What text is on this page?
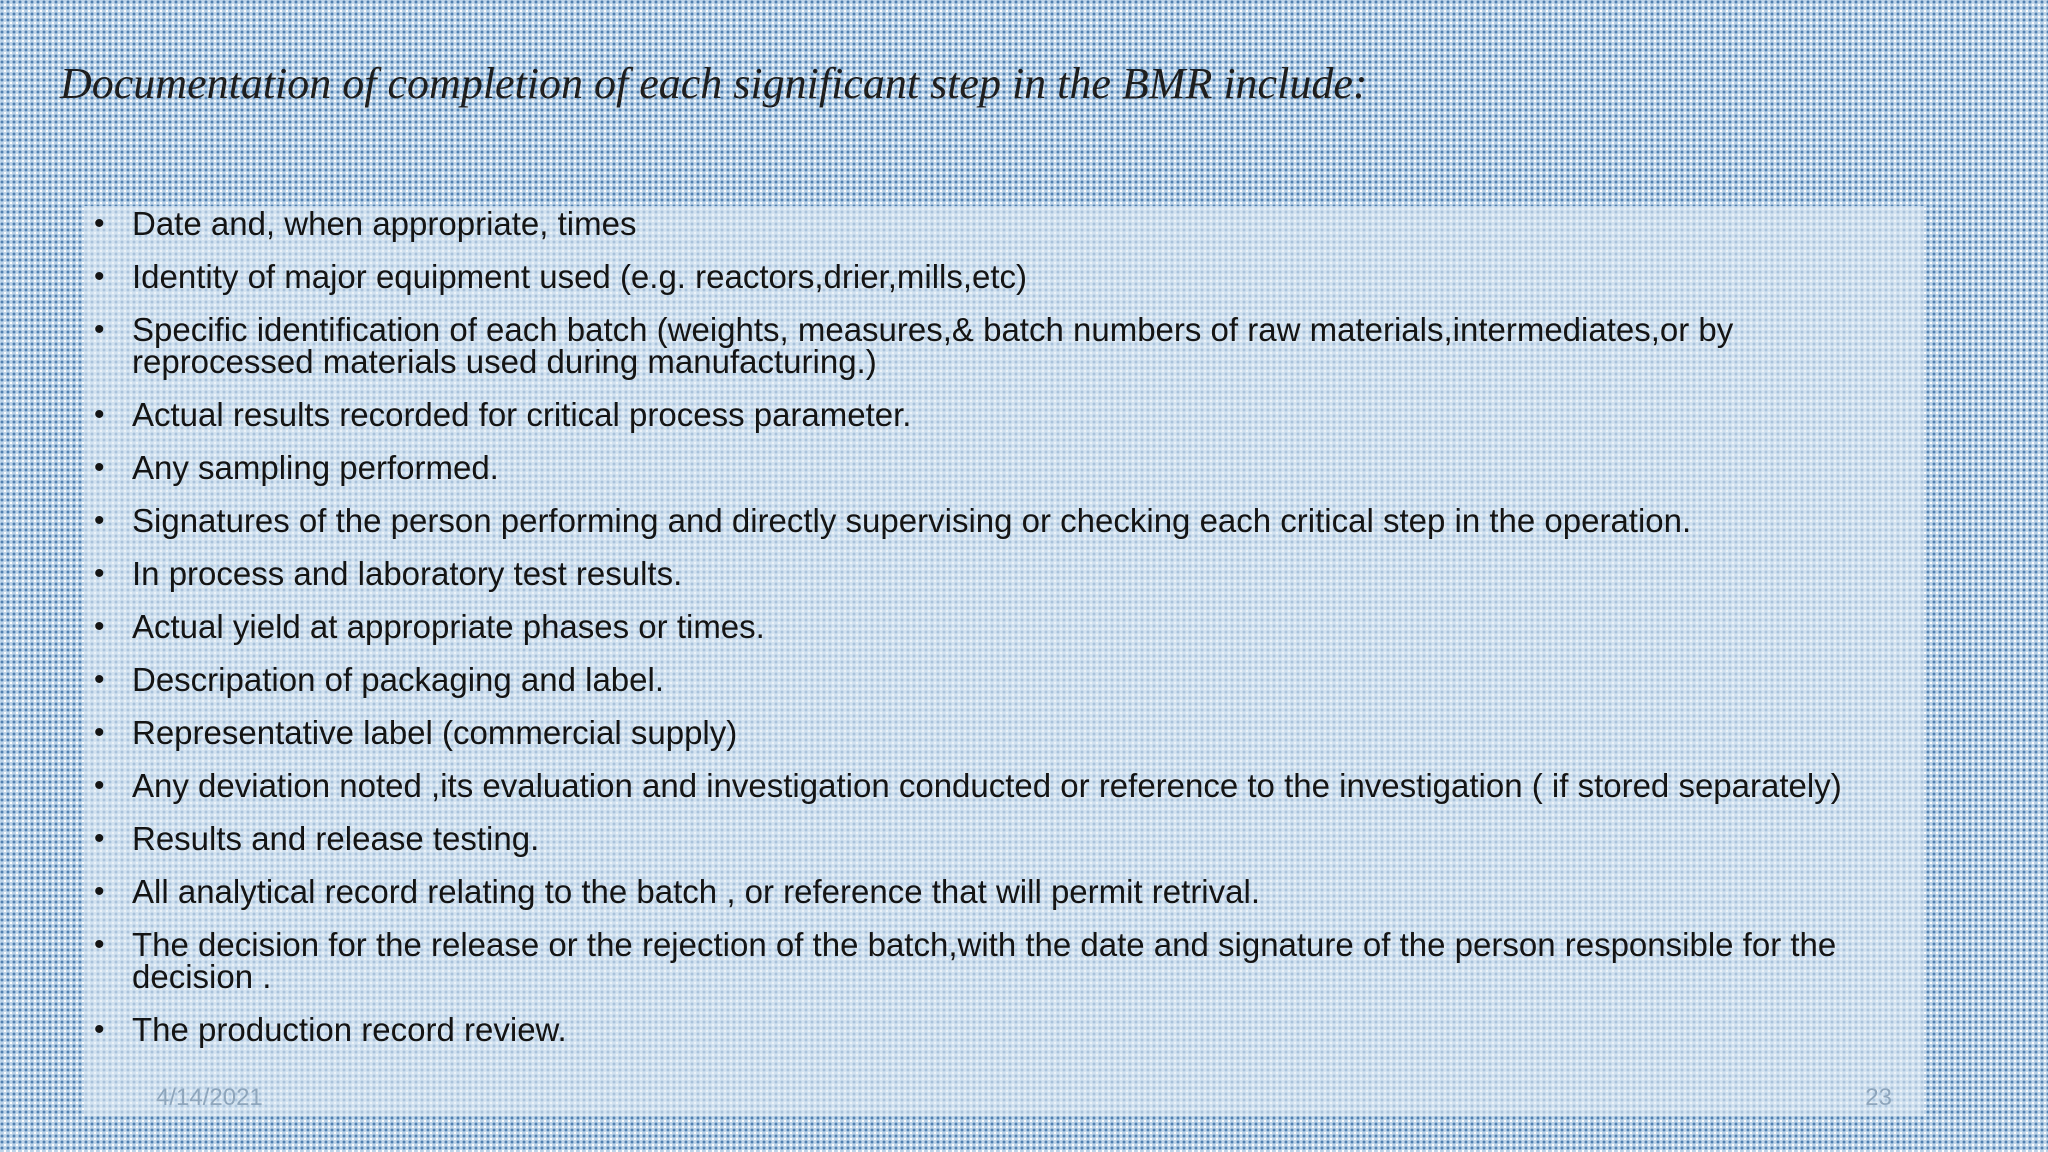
Documentation of completion of each significant step in the BMR include:
• Date and, when appropriate, times
• Identity of major equipment used (e.g. reactors,drier,mills,etc)
• Specific identification of each batch (weights, measures,& batch numbers of raw materials,intermediates,or by reprocessed materials used during manufacturing.)
• Actual results recorded for critical process parameter.
• Any sampling performed.
• Signatures of the person performing and directly supervising or checking each critical step in the operation.
• In process and laboratory test results.
• Actual yield at appropriate phases or times.
• Descripation of packaging and label.
• Representative label (commercial supply)
• Any deviation noted ,its evaluation and investigation conducted or reference to the investigation ( if stored separately)
• Results and release testing.
• All analytical record relating to the batch , or reference that will permit retrival.
• The decision for the release or the rejection of the batch,with the date and signature of the person responsible for the decision .
• The production record review.
4/14/2021	23
